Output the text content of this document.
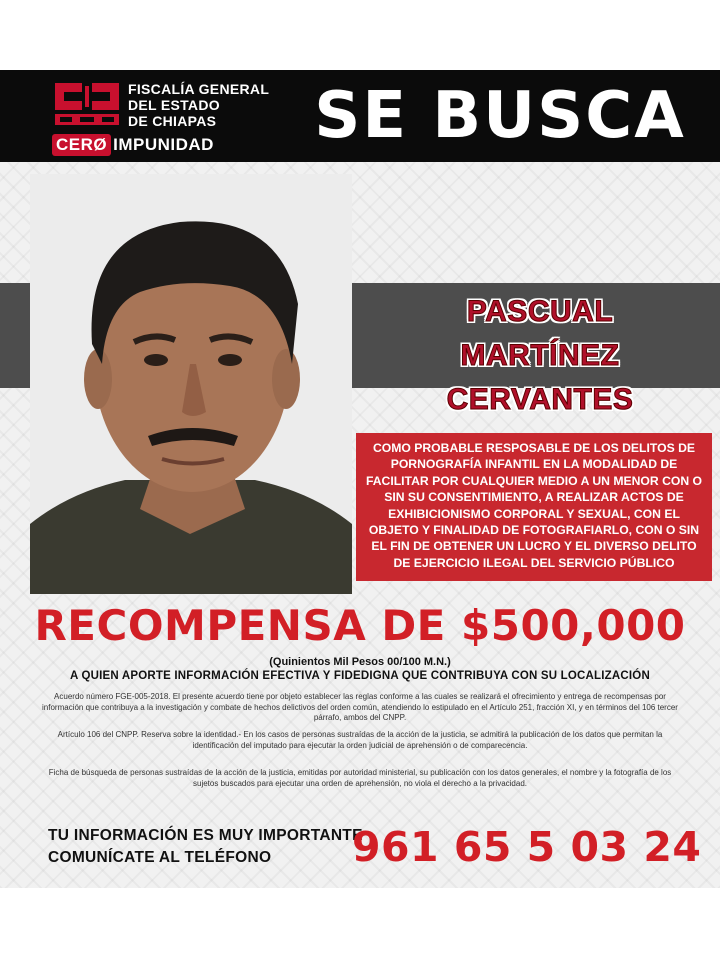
FISCALÍA GENERAL
DEL ESTADO
DE CHIAPAS
CERØ IMPUNIDAD SE BUSCA
PASCUAL
MARTÍNEZ
CERVANTES
COMO PROBABLE RESPOSABLE DE LOS DELITOS DE PORNOGRAFÍA INFANTIL EN LA MODALIDAD DE FACILITAR POR CUALQUIER MEDIO A UN MENOR CON O SIN SU CONSENTIMIENTO, A REALIZAR ACTOS DE EXHIBICIONISMO CORPORAL Y SEXUAL, CON EL OBJETO Y FINALIDAD DE FOTOGRAFIARLO, CON O SIN EL FIN DE OBTENER UN LUCRO Y EL DIVERSO DELITO DE EJERCICIO ILEGAL DEL SERVICIO PÚBLICO
RECOMPENSA DE $500,000
(Quinientos Mil Pesos 00/100 M.N.)
A QUIEN APORTE INFORMACIÓN EFECTIVA Y FIDEDIGNA QUE CONTRIBUYA CON SU LOCALIZACIÓN
Acuerdo número FGE-005-2018. El presente acuerdo tiene por objeto establecer las reglas conforme a las cuales se realizará el ofrecimiento y entrega de recompensas por información que contribuya a la investigación y combate de hechos delictivos del orden común, atendiendo lo estipulado en el Artículo 251, fracción XI, y en términos del 106 tercer párrafo, ambos del CNPP.
Artículo 106 del CNPP. Reserva sobre la identidad.- En los casos de personas sustraídas de la acción de la justicia, se admitirá la publicación de los datos que permitan la identificación del imputado para ejecutar la orden judicial de aprehensión o de comparecencia.
Ficha de búsqueda de personas sustraídas de la acción de la justicia, emitidas por autoridad ministerial, su publicación con los datos generales, el nombre y la fotografía de los sujetos buscados para ejecutar una orden de aprehensión, no viola el derecho a la privacidad.
TU INFORMACIÓN ES MUY IMPORTANTE
COMUNÍCATE AL TELÉFONO 961 65 5 03 24
